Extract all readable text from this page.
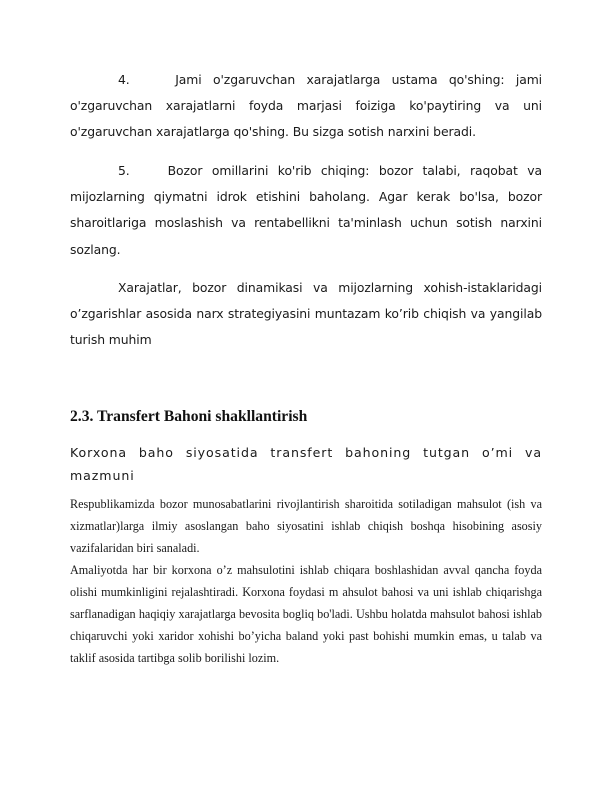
4.	Jami o'zgaruvchan xarajatlarga ustama qo'shing: jami o'zgaruvchan xarajatlarni foyda marjasi foiziga ko'paytiring va uni o'zgaruvchan xarajatlarga qo'shing. Bu sizga sotish narxini beradi.

5.	Bozor omillarini ko'rib chiqing: bozor talabi, raqobat va mijozlarning qiymatni idrok etishini baholang. Agar kerak bo'lsa, bozor sharoitlariga moslashish va rentabellikni ta'minlash uchun sotish narxini sozlang.

Xarajatlar, bozor dinamikasi va mijozlarning xohish-istaklaridagi o’zgarishlar asosida narx strategiyasini muntazam ko’rib chiqish va yangilab turish muhim

2.3. Transfert Bahoni shakllantirish

Korxona baho siyosatida transfert bahoning tutgan o’mi va mazmuni

Respublikamizda bozor munosabatlarini rivojlantirish sharoitida sotiladigan mahsulot (ish va xizmatlar)larga ilmiy asoslangan baho siyosatini ishlab chiqish boshqa hisobining asosiy vazifalaridan biri sanaladi.

Amaliyotda har bir korxona o’z mahsulotini ishlab chiqara boshlashidan avval qancha foyda olishi mumkinligini rejalashtiradi. Korxona foydasi m ahsulot bahosi va uni ishlab chiqarishga sarflanadigan haqiqiy xarajatlarga bevosita bogliq bo'ladi. Ushbu holatda mahsulot bahosi ishlab chiqaruvchi yoki xaridor xohishi bo’yicha baland yoki past bohishi mumkin emas, u talab va taklif asosida tartibga solib borilishi lozim.
